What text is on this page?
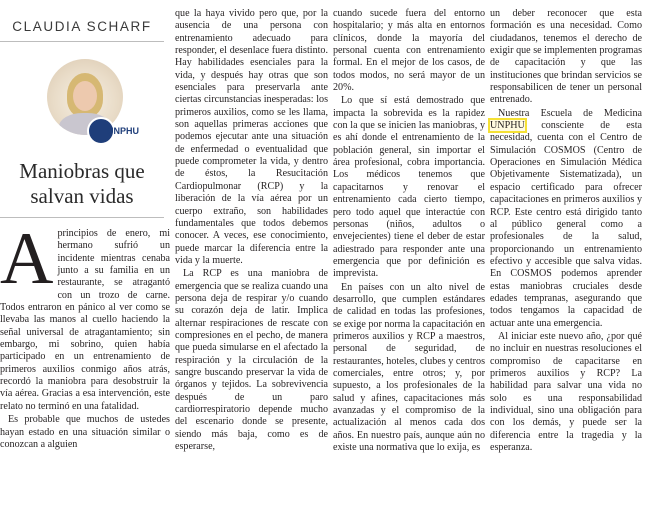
CLAUDIA SCHARF
UNPHU
Maniobras que salvan vidas
A principios de enero, mi hermano sufrió un incidente mientras cenaba junto a su familia en un restaurante, se atragantó con un trozo de carne. Todos entraron en pánico al ver como se llevaba las manos al cuello haciendo la señal universal de atragantamiento; sin embargo, mi sobrino, quien había participado en un entrenamiento de primeros auxilios conmigo años atrás, recordó la maniobra para desobstruir la vía aérea. Gracias a esa intervención, este relato no terminó en una fatalidad.

Es probable que muchos de ustedes hayan estado en una situación similar o conozcan a alguien

que la haya vivido pero que, por la ausencia de una persona con entrenamiento adecuado para responder, el desenlace fuera distinto. Hay habilidades esenciales para la vida, y después hay otras que son esenciales para preservarla ante ciertas circunstancias inesperadas: los primeros auxilios, como se les llama, son aquellas primeras acciones que podemos ejecutar ante una situación de enfermedad o eventualidad que puede comprometer la vida, y dentro de éstos, la Resucitación Cardiopulmonar (RCP) y la liberación de la vía aérea por un cuerpo extraño, son habilidades fundamentales que todos debemos conocer. A veces, ese conocimiento, puede marcar la diferencia entre la vida y la muerte.

La RCP es una maniobra de emergencia que se realiza cuando una persona deja de respirar y/o cuando su corazón deja de latir. Implica alternar respiraciones de rescate con compresiones en el pecho, de manera que pueda simularse en el afectado la respiración y la circulación de la sangre buscando preservar la vida de órganos y tejidos. La sobrevivencia después de un paro cardiorrespiratorio depende mucho del escenario donde se presente, siendo más baja, como es de esperarse,

cuando sucede fuera del entorno hospitalario; y más alta en entornos clínicos, donde la mayoría del personal cuenta con entrenamiento formal. En el mejor de los casos, de todos modos, no será mayor de un 20%.

Lo que sí está demostrado que impacta la sobrevida es la rapidez con la que se inicien las maniobras, y es ahí donde el entrenamiento de la población general, sin importar el área profesional, cobra importancia. Los médicos tenemos que capacitarnos y renovar el entrenamiento cada cierto tiempo, pero todo aquel que interactúe con personas (niños, adultos o envejecientes) tiene el deber de estar adiestrado para responder ante una emergencia que por definición es imprevista.

En países con un alto nivel de desarrollo, que cumplen estándares de calidad en todas las profesiones, se exige por norma la capacitación en primeros auxilios y RCP a maestros, personal de seguridad, de restaurantes, hoteles, clubes y centros comerciales, entre otros; y, por supuesto, a los profesionales de la salud y afines, capacitaciones más avanzadas y el compromiso de la actualización al menos cada dos años. En nuestro país, aunque aún no existe una normativa que lo exija, es

un deber reconocer que esta formación es una necesidad. Como ciudadanos, tenemos el derecho de exigir que se implementen programas de capacitación y que las instituciones que brindan servicios se responsabilicen de tener un personal entrenado.

Nuestra Escuela de Medicina UNPHU consciente de esta necesidad, cuenta con el Centro de Simulación COSMOS (Centro de Operaciones en Simulación Médica Objetivamente Sistematizada), un espacio certificado para ofrecer capacitaciones en primeros auxilios y RCP. Este centro está dirigido tanto al público general como a profesionales de la salud, proporcionando un entrenamiento efectivo y accesible que salva vidas. En COSMOS podemos aprender estas maniobras cruciales desde edades tempranas, asegurando que todos tengamos la capacidad de actuar ante una emergencia.

Al iniciar este nuevo año, ¿por qué no incluir en nuestras resoluciones el compromiso de capacitarse en primeros auxilios y RCP? La habilidad para salvar una vida no solo es una responsabilidad individual, sino una obligación para con los demás, y puede ser la diferencia entre la tragedia y la esperanza.
